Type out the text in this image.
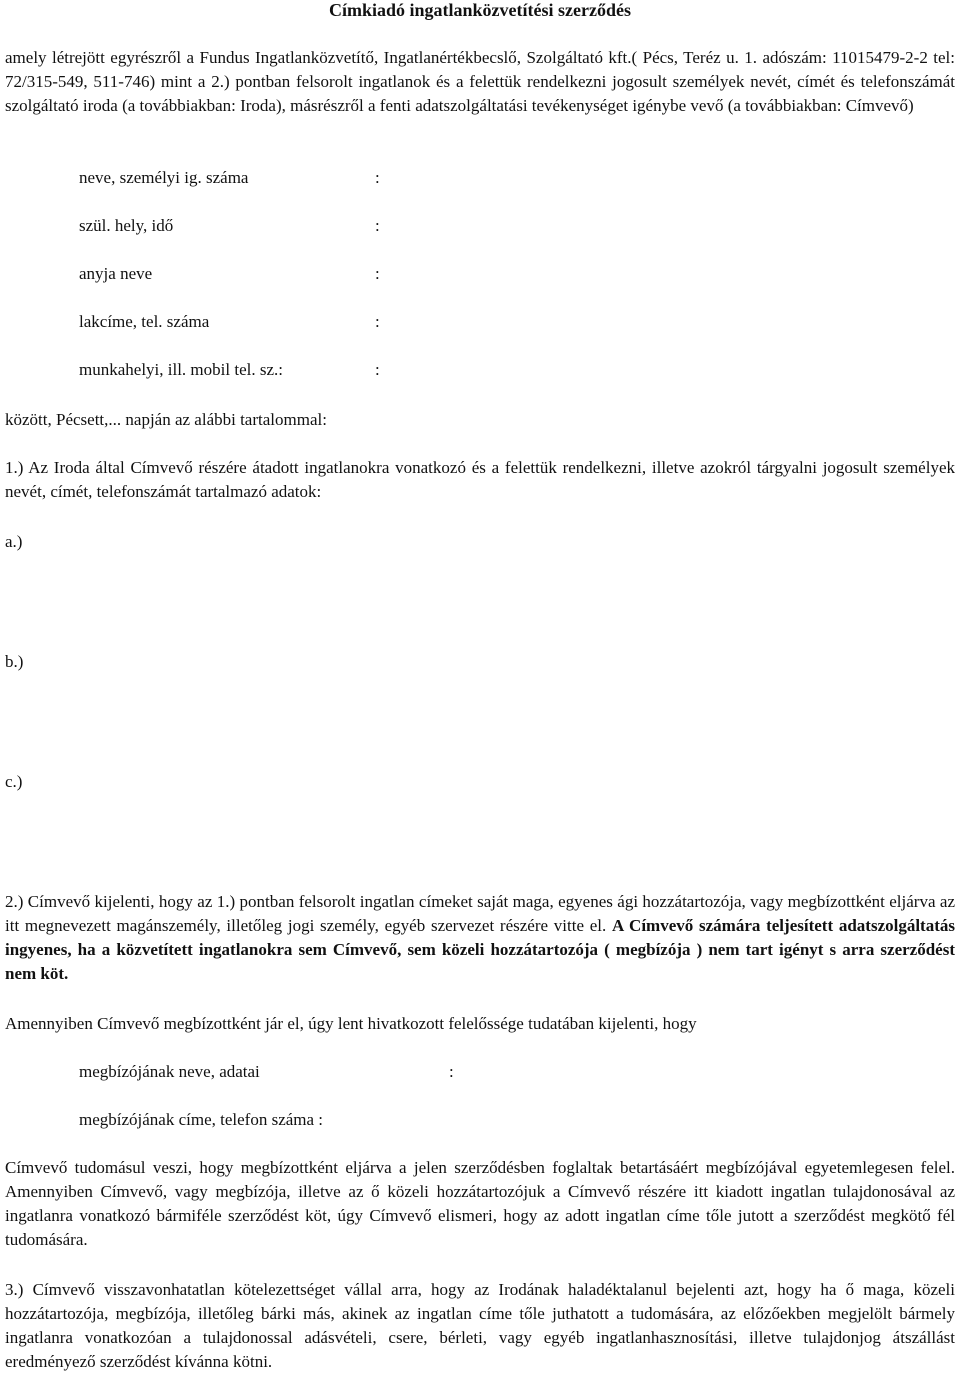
Címkiadó ingatlanközvetítési szerződés
amely létrejött egyrészről a Fundus Ingatlanközvetítő, Ingatlanértékbecslő, Szolgáltató kft.( Pécs, Teréz u. 1. adószám: 11015479-2-2 tel: 72/315-549, 511-746) mint a 2.) pontban felsorolt ingatlanok és a felettük rendelkezni jogosult személyek nevét, címét és telefonszámát szolgáltató iroda (a továbbiakban: Iroda), másrészről a fenti adatszolgáltatási tevékenységet igénybe vevő (a továbbiakban: Címvevő)
neve, személyi ig. száma	:
szül. hely, idő	:
anyja neve	:
lakcíme, tel. száma	:
munkahelyi, ill. mobil tel. sz.:	:
között, Pécsett,... napján az alábbi tartalommal:
1.) Az Iroda által Címvevő részére átadott ingatlanokra vonatkozó és a felettük rendelkezni, illetve azokról tárgyalni jogosult személyek nevét, címét, telefonszámát tartalmazó adatok:
a.)
b.)
c.)
2.) Címvevő kijelenti, hogy az 1.) pontban felsorolt ingatlan címeket saját maga, egyenes ági hozzátartozója, vagy megbízottként eljárva az itt megnevezett magánszemély, illetőleg jogi személy, egyéb szervezet részére vitte el. A Címvevő számára teljesített adatszolgáltatás ingyenes, ha a közvetített ingatlanokra sem Címvevő, sem közeli hozzátartozója ( megbízója ) nem tart igényt s arra szerződést nem köt.
Amennyiben Címvevő megbízottként jár el, úgy lent hivatkozott felelőssége tudatában kijelenti, hogy
megbízójának neve, adatai	:
megbízójának címe, telefon száma :
Címvevő tudomásul veszi, hogy megbízottként eljárva a jelen szerződésben foglaltak betartásáért megbízójával egyetemlegesen felel. Amennyiben Címvevő, vagy megbízója, illetve az ő közeli hozzátartozójuk a Címvevő részére itt kiadott ingatlan tulajdonosával az ingatlanra vonatkozó bármiféle szerződést köt, úgy Címvevő elismeri, hogy az adott ingatlan címe tőle jutott a szerződést megkötő fél tudomására.
3.) Címvevő visszavonhatatlan kötelezettséget vállal arra, hogy az Irodának haladéktalanul bejelenti azt, hogy ha ő maga, közeli hozzátartozója, megbízója, illetőleg bárki más, akinek az ingatlan címe tőle juthatott a tudomására, az előzőekben megjelölt bármely ingatlanra vonatkozóan a tulajdonossal adásvételi, csere, bérleti, vagy egyéb ingatlanhasznosítási, illetve tulajdonjog átszállást eredményező szerződést kívánna kötni.
